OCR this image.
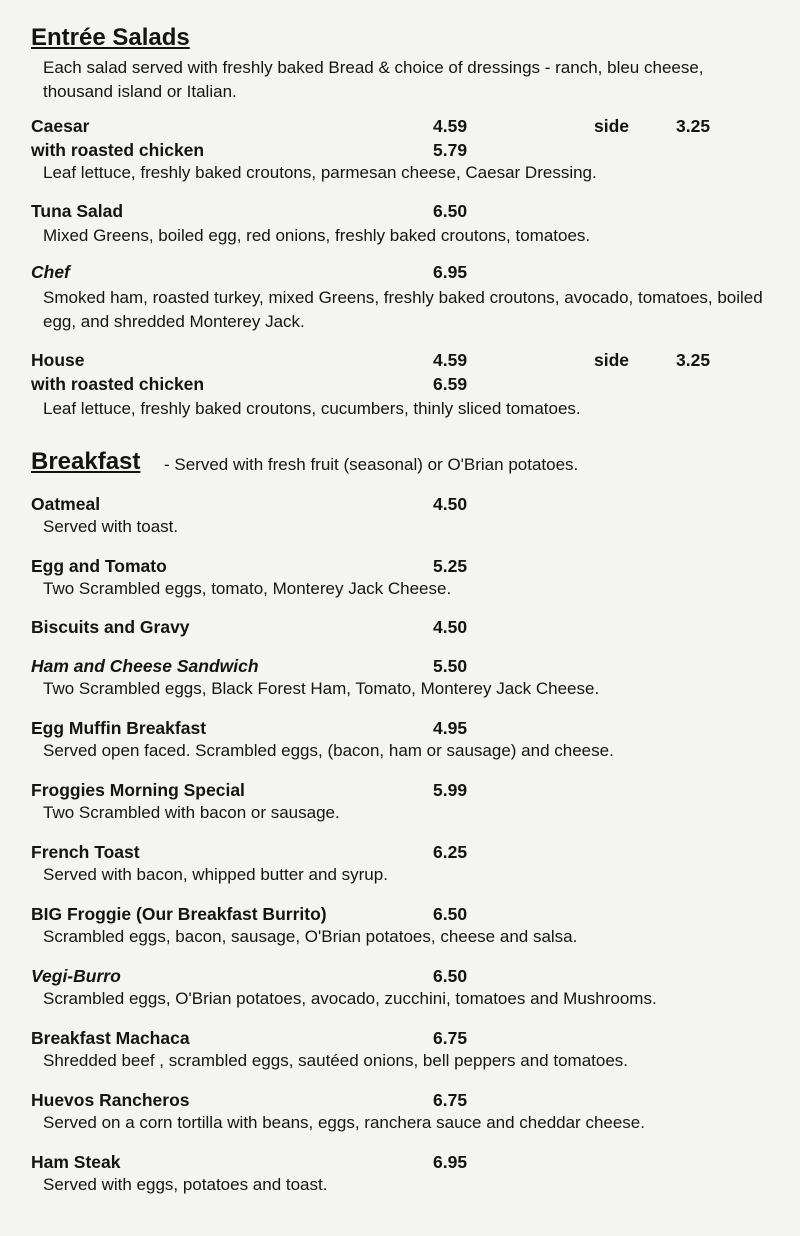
Entrée Salads
Each salad served with freshly baked Bread & choice of dressings - ranch, bleu cheese, thousand island or Italian.
Caesar	4.59	side	3.25
with roasted chicken	5.79
Leaf lettuce, freshly baked croutons, parmesan cheese, Caesar Dressing.
Tuna Salad	6.50
Mixed Greens, boiled egg, red onions, freshly baked croutons, tomatoes.
Chef	6.95
Smoked ham, roasted turkey, mixed Greens, freshly baked croutons, avocado, tomatoes, boiled egg, and shredded Monterey Jack.
House	4.59	side	3.25
with roasted chicken	6.59
Leaf lettuce, freshly baked croutons, cucumbers, thinly sliced tomatoes.
Breakfast - Served with fresh fruit (seasonal) or O'Brian potatoes.
Oatmeal	4.50
Served with toast.
Egg and Tomato	5.25
Two Scrambled eggs, tomato, Monterey Jack Cheese.
Biscuits and Gravy	4.50
Ham and Cheese Sandwich	5.50
Two Scrambled eggs, Black Forest Ham, Tomato, Monterey Jack Cheese.
Egg Muffin Breakfast	4.95
Served open faced. Scrambled eggs, (bacon, ham or sausage) and cheese.
Froggies Morning Special	5.99
Two Scrambled with bacon or sausage.
French Toast	6.25
Served with bacon, whipped butter and syrup.
BIG Froggie (Our Breakfast Burrito)	6.50
Scrambled eggs, bacon, sausage, O'Brian potatoes, cheese and salsa.
Vegi-Burro	6.50
Scrambled eggs, O'Brian potatoes, avocado, zucchini, tomatoes and Mushrooms.
Breakfast Machaca	6.75
Shredded beef , scrambled eggs, sautéed onions, bell peppers and tomatoes.
Huevos Rancheros	6.75
Served on a corn tortilla with beans, eggs, ranchera sauce and cheddar cheese.
Ham Steak	6.95
Served with eggs, potatoes and toast.
